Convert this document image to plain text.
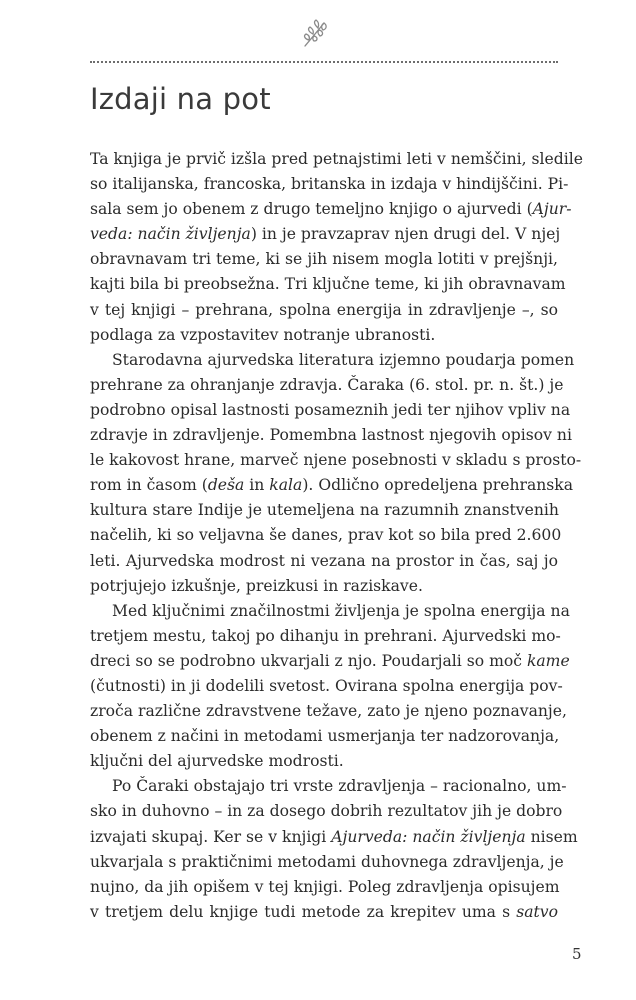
Izdaji na pot
Ta knjiga je prvič izšla pred petnajstimi leti v nemščini, sledile
so italijanska, francoska, britanska in izdaja v hindijščini. Pi-
sala sem jo obenem z drugo temeljno knjigo o ajurvedi (Ajur-
veda: način življenja) in je pravzaprav njen drugi del. V njej
obravnavam tri teme, ki se jih nisem mogla lotiti v prejšnji,
kajti bila bi preobsežna. Tri ključne teme, ki jih obravnavam
v tej knjigi – prehrana, spolna energija in zdravljenje –, so
podlaga za vzpostavitev notranje ubranosti.
Starodavna ajurvedska literatura izjemno poudarja pomen
prehrane za ohranjanje zdravja. Čaraka (6. stol. pr. n. št.) je
podrobno opisal lastnosti posameznih jedi ter njihov vpliv na
zdravje in zdravljenje. Pomembna lastnost njegovih opisov ni
le kakovost hrane, marveč njene posebnosti v skladu s prosto-
rom in časom (deša in kala). Odlično opredeljena prehranska
kultura stare Indije je utemeljena na razumnih znanstvenih
načelih, ki so veljavna še danes, prav kot so bila pred 2.600
leti. Ajurvedska modrost ni vezana na prostor in čas, saj jo
potrjujejo izkušnje, preizkusi in raziskave.
Med ključnimi značilnostmi življenja je spolna energija na
tretjem mestu, takoj po dihanju in prehrani. Ajurvedski mo-
dreci so se podrobno ukvarjali z njo. Poudarjali so moč kame
(čutnosti) in ji dodelili svetost. Ovirana spolna energija pov-
zroča različne zdravstvene težave, zato je njeno poznavanje,
obenem z načini in metodami usmerjanja ter nadzorovanja,
ključni del ajurvedske modrosti.
Po Čaraki obstajajo tri vrste zdravljenja – racionalno, um-
sko in duhovno – in za dosego dobrih rezultatov jih je dobro
izvajati skupaj. Ker se v knjigi Ajurveda: način življenja nisem
ukvarjala s praktičnimi metodami duhovnega zdravljenja, je
nujno, da jih opišem v tej knjigi. Poleg zdravljenja opisujem
v tretjem delu knjige tudi metode za krepitev uma s satvo
5
